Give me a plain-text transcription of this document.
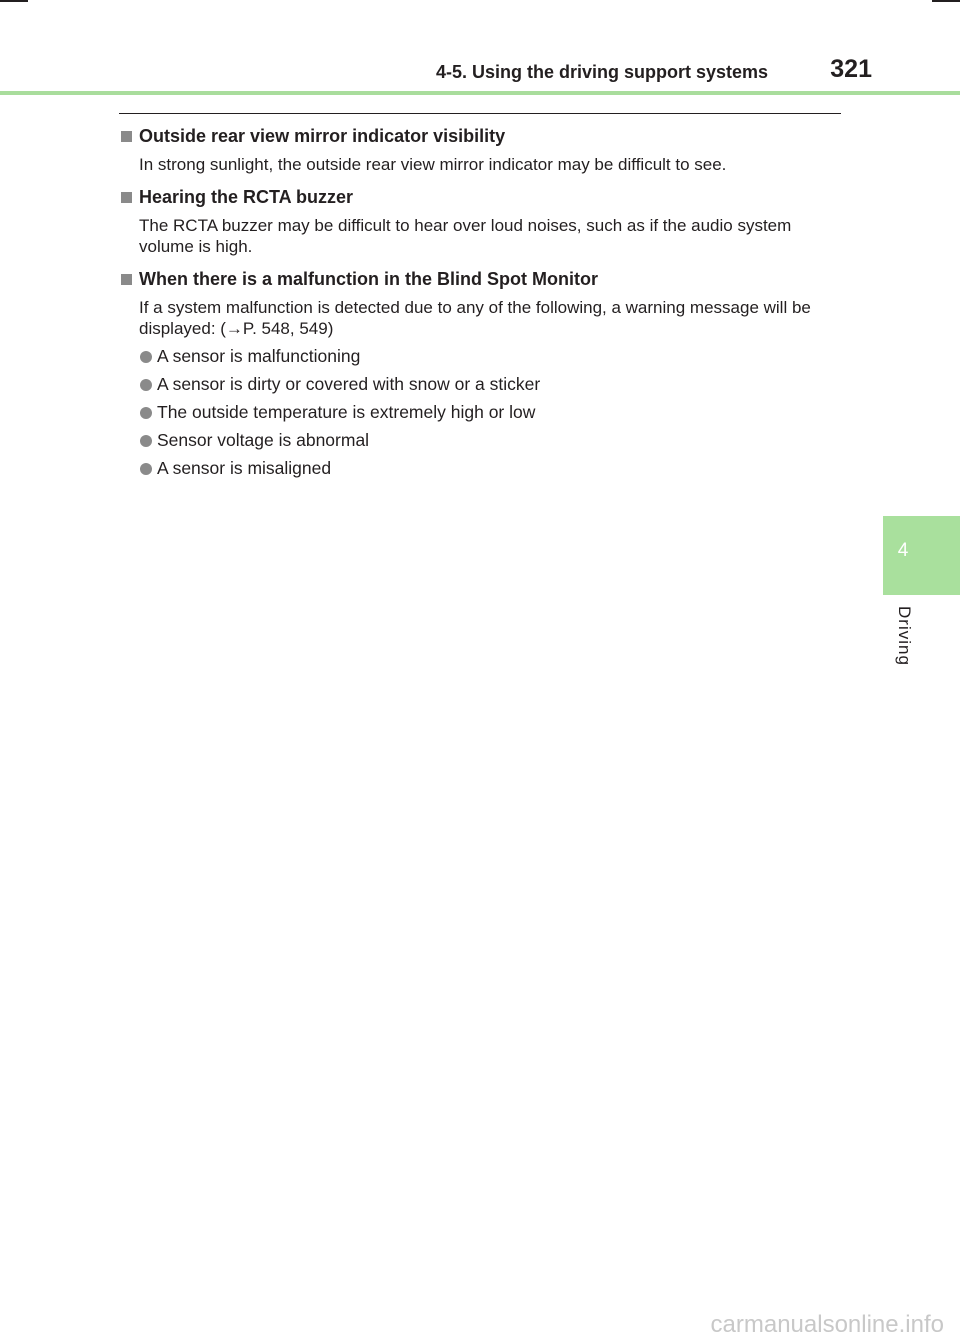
4-5. Using the driving support systems 321
4
Driving
Outside rear view mirror indicator visibility
In strong sunlight, the outside rear view mirror indicator may be difficult to see.
Hearing the RCTA buzzer
The RCTA buzzer may be difficult to hear over loud noises, such as if the audio system volume is high.
When there is a malfunction in the Blind Spot Monitor
If a system malfunction is detected due to any of the following, a warning message will be displayed: (→P. 548, 549)
A sensor is malfunctioning
A sensor is dirty or covered with snow or a sticker
The outside temperature is extremely high or low
Sensor voltage is abnormal
A sensor is misaligned
carmanualsonline.info
